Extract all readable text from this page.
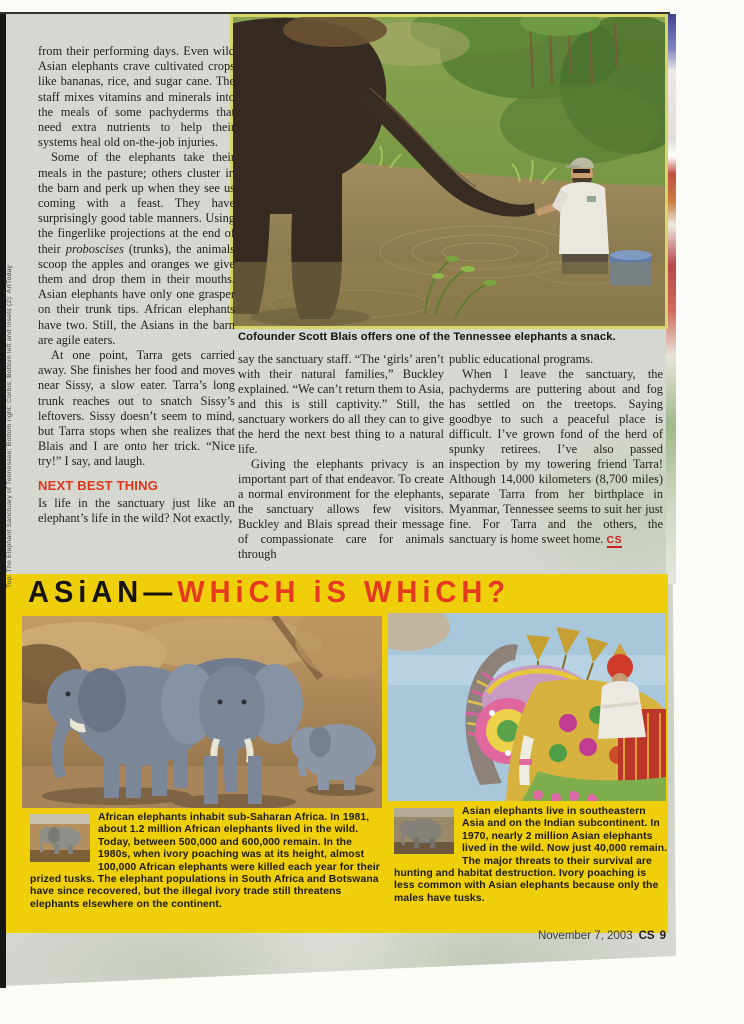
Top: The Elephant Sanctuary of Tennessee; Bottom right: Corbis; Bottom left and insets (2): ArtToday

from their performing days. Even wild Asian elephants crave cultivated crops like bananas, rice, and sugar cane. The staff mixes vitamins and minerals into the meals of some pachyderms that need extra nutrients to help their systems heal old on-the-job injuries.

Some of the elephants take their meals in the pasture; others cluster in the barn and perk up when they see us coming with a feast. They have surprisingly good table manners. Using the fingerlike projections at the end of their proboscises (trunks), the animals scoop the apples and oranges we give them and drop them in their mouths. Asian elephants have only one grasper on their trunk tips. African elephants have two. Still, the Asians in the barn are agile eaters.

At one point, Tarra gets carried away. She finishes her food and moves near Sissy, a slow eater. Tarra’s long trunk reaches out to snatch Sissy’s leftovers. Sissy doesn’t seem to mind, but Tarra stops when she realizes that Blais and I are onto her trick. “Nice try!” I say, and laugh.

NEXT BEST THING

Is life in the sanctuary just like an elephant’s life in the wild? Not exactly,

Cofounder Scott Blais offers one of the Tennessee elephants a snack.

say the sanctuary staff. “The ‘girls’ aren’t with their natural families,” Buckley explained. “We can’t return them to Asia, and this is still captivity.” Still, the sanctuary workers do all they can to give the herd the next best thing to a natural life.

Giving the elephants privacy is an important part of that endeavor. To create a normal environment for the elephants, the sanctuary allows few visitors. Buckley and Blais spread their message of compassionate care for animals through

public educational programs.

When I leave the sanctuary, the pachyderms are puttering about and fog has settled on the treetops. Saying goodbye to such a peaceful place is difficult. I’ve grown fond of the herd of spunky retirees. I’ve also passed inspection by my towering friend Tarra! Although 14,000 kilometers (8,700 miles) separate Tarra from her birthplace in Myanmar, Tennessee seems to suit her just fine. For Tarra and the others, the sanctuary is home sweet home. CS

ASiAN—WHiCH iS WHiCH?
African elephants inhabit sub-Saharan Africa. In 1981, about 1.2 million African elephants lived in the wild. Today, between 500,000 and 600,000 remain. In the 1980s, when ivory poaching was at its height, almost 100,000 African elephants were killed each year for their prized tusks. The elephant populations in South Africa and Botswana have since recovered, but the illegal ivory trade still threatens elephants elsewhere on the continent.
Asian elephants live in southeastern Asia and on the Indian subcontinent. In 1970, nearly 2 million Asian elephants lived in the wild. Now just 40,000 remain. The major threats to their survival are hunting and habitat destruction. Ivory poaching is less common with Asian elephants because only the males have tusks.
November 7, 2003 CS 9
